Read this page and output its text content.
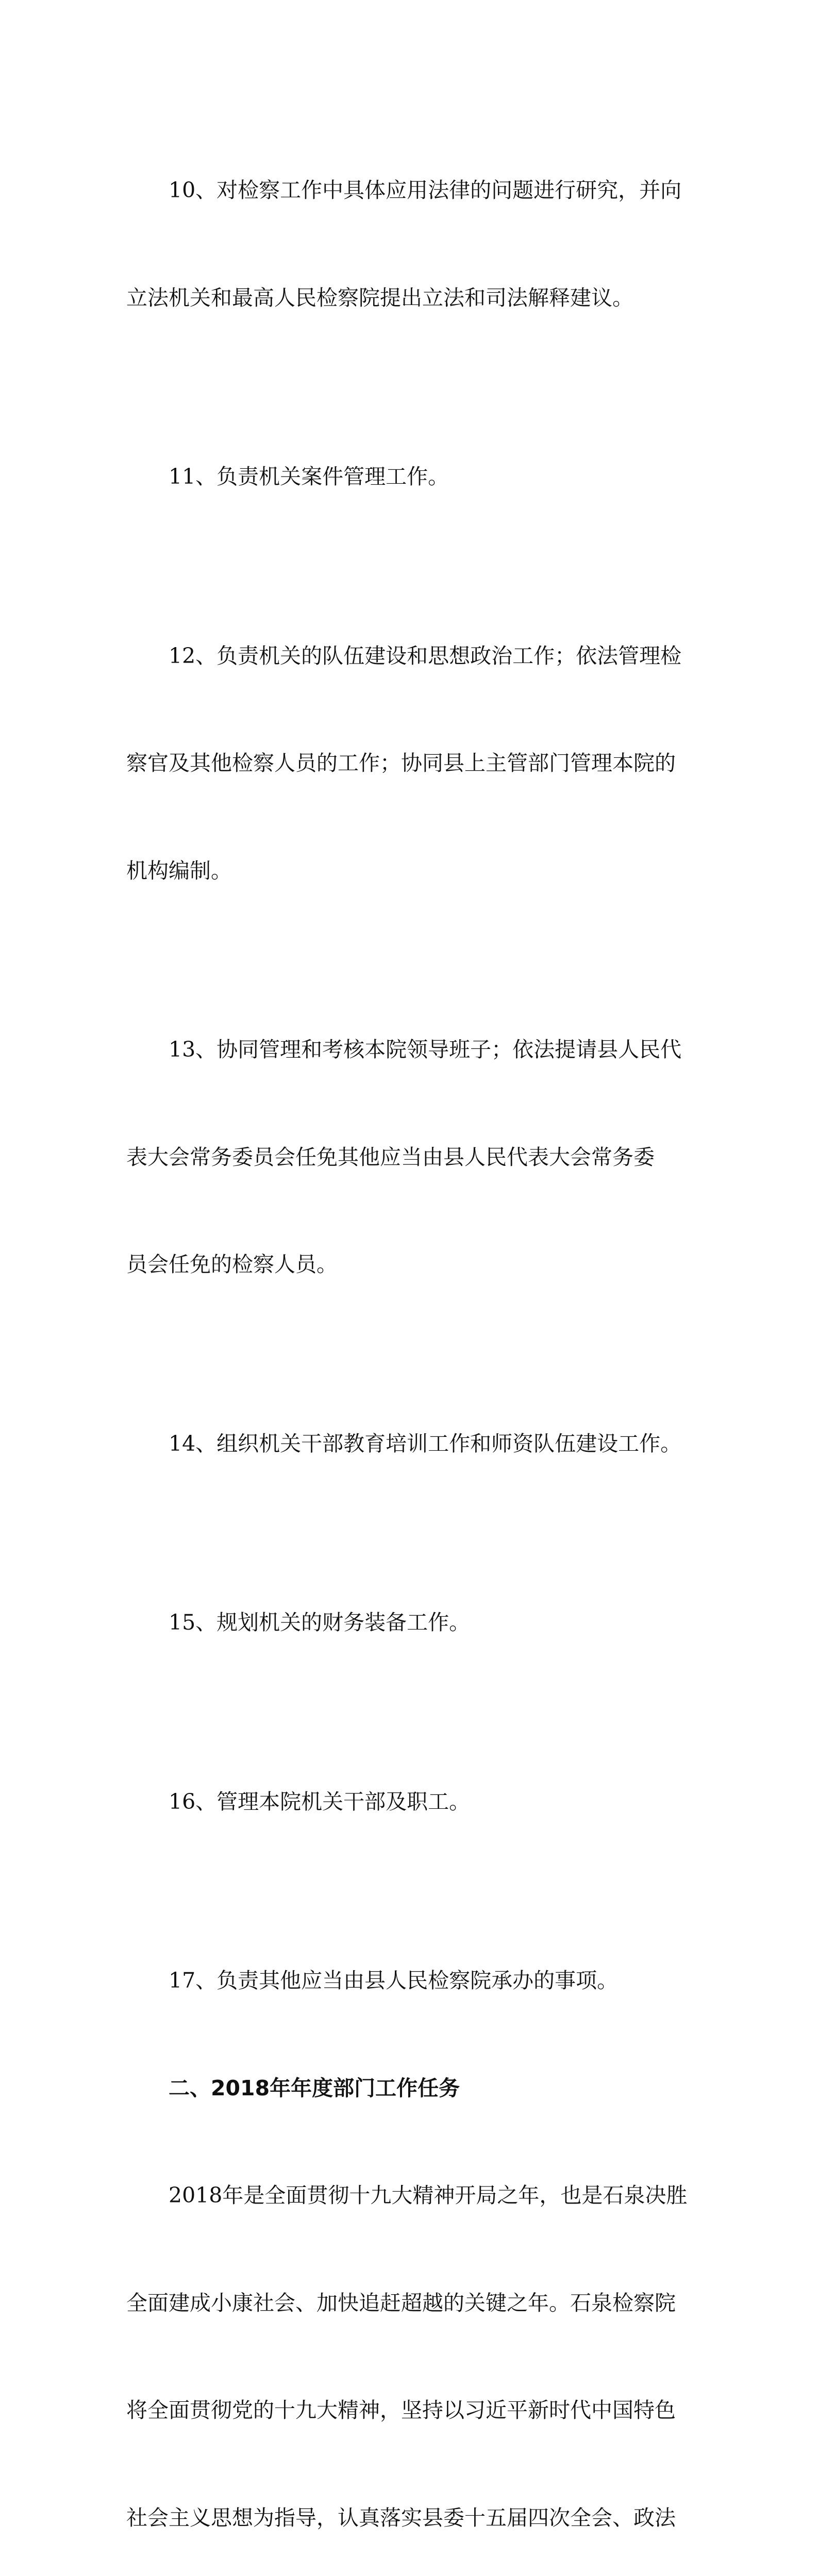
10、对检察工作中具体应用法律的问题进行研究，并向

立法机关和最高人民检察院提出立法和司法解释建议。

11、负责机关案件管理工作。

12、负责机关的队伍建设和思想政治工作；依法管理检

察官及其他检察人员的工作；协同县上主管部门管理本院的

机构编制。

13、协同管理和考核本院领导班子；依法提请县人民代

表大会常务委员会任免其他应当由县人民代表大会常务委

员会任免的检察人员。

14、组织机关干部教育培训工作和师资队伍建设工作。

15、规划机关的财务装备工作。

16、管理本院机关干部及职工。

17、负责其他应当由县人民检察院承办的事项。

二、2018年年度部门工作任务

2018年是全面贯彻十九大精神开局之年，也是石泉决胜

全面建成小康社会、加快追赶超越的关键之年。石泉检察院

将全面贯彻党的十九大精神，坚持以习近平新时代中国特色

社会主义思想为指导，认真落实县委十五届四次全会、政法
